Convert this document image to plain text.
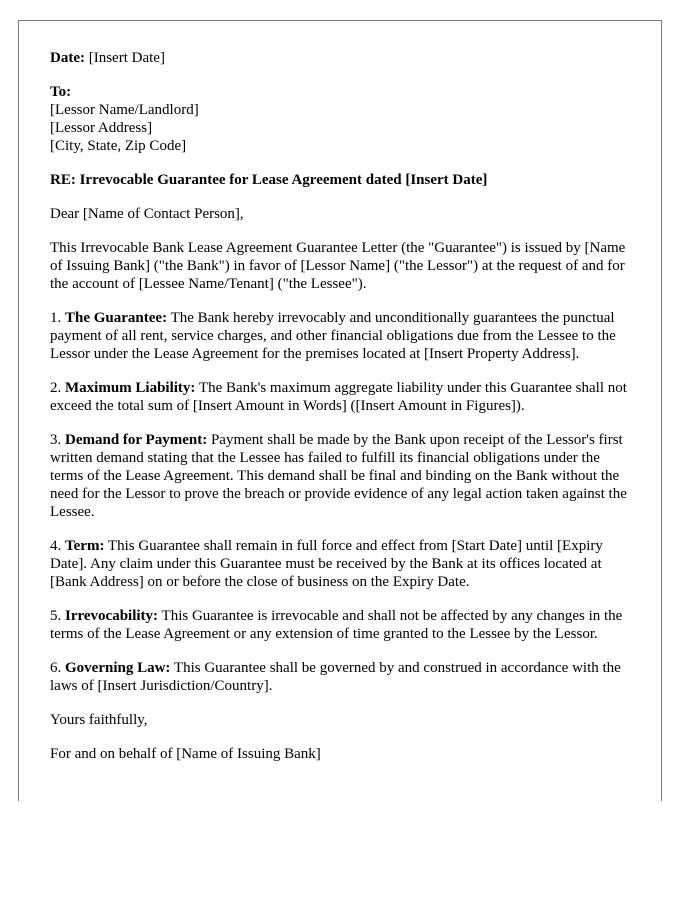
Date: [Insert Date]

To:
[Lessor Name/Landlord]
[Lessor Address]
[City, State, Zip Code]

RE: Irrevocable Guarantee for Lease Agreement dated [Insert Date]

Dear [Name of Contact Person],

This Irrevocable Bank Lease Agreement Guarantee Letter (the "Guarantee") is issued by [Name of Issuing Bank] ("the Bank") in favor of [Lessor Name] ("the Lessor") at the request of and for the account of [Lessee Name/Tenant] ("the Lessee").

1. The Guarantee: The Bank hereby irrevocably and unconditionally guarantees the punctual payment of all rent, service charges, and other financial obligations due from the Lessee to the Lessor under the Lease Agreement for the premises located at [Insert Property Address].

2. Maximum Liability: The Bank's maximum aggregate liability under this Guarantee shall not exceed the total sum of [Insert Amount in Words] ([Insert Amount in Figures]).

3. Demand for Payment: Payment shall be made by the Bank upon receipt of the Lessor's first written demand stating that the Lessee has failed to fulfill its financial obligations under the terms of the Lease Agreement. This demand shall be final and binding on the Bank without the need for the Lessor to prove the breach or provide evidence of any legal action taken against the Lessee.

4. Term: This Guarantee shall remain in full force and effect from [Start Date] until [Expiry Date]. Any claim under this Guarantee must be received by the Bank at its offices located at [Bank Address] on or before the close of business on the Expiry Date.

5. Irrevocability: This Guarantee is irrevocable and shall not be affected by any changes in the terms of the Lease Agreement or any extension of time granted to the Lessee by the Lessor.

6. Governing Law: This Guarantee shall be governed by and construed in accordance with the laws of [Insert Jurisdiction/Country].

Yours faithfully,

For and on behalf of [Name of Issuing Bank]
